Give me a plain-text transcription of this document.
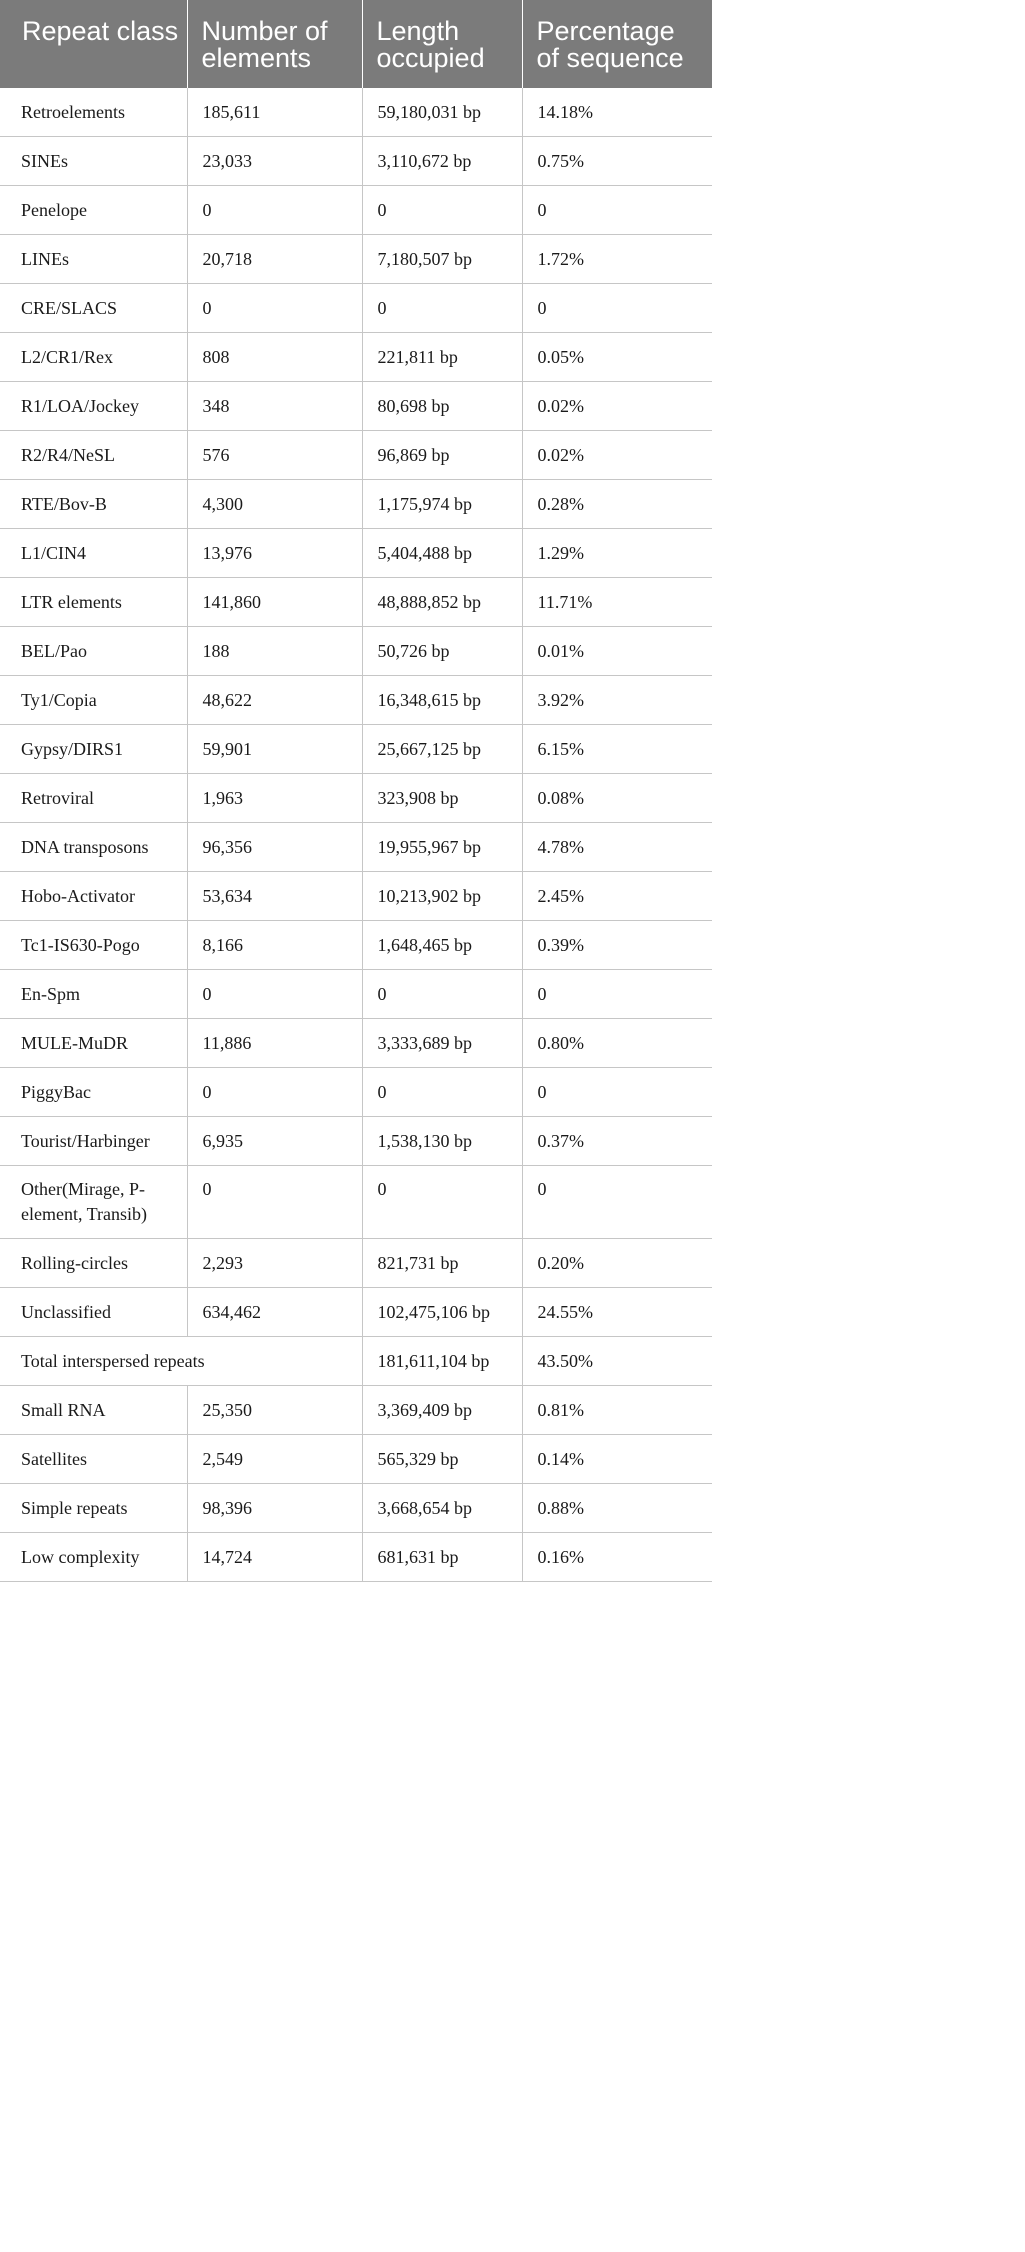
Repeat class	Number of elements	Length occupied	Percentage of sequence
Retroelements	185,611	59,180,031 bp	14.18%
SINEs	23,033	3,110,672 bp	0.75%
Penelope	0	0	0
LINEs	20,718	7,180,507 bp	1.72%
CRE/SLACS	0	0	0
L2/CR1/Rex	808	221,811 bp	0.05%
R1/LOA/Jockey	348	80,698 bp	0.02%
R2/R4/NeSL	576	96,869 bp	0.02%
RTE/Bov-B	4,300	1,175,974 bp	0.28%
L1/CIN4	13,976	5,404,488 bp	1.29%
LTR elements	141,860	48,888,852 bp	11.71%
BEL/Pao	188	50,726 bp	0.01%
Ty1/Copia	48,622	16,348,615 bp	3.92%
Gypsy/DIRS1	59,901	25,667,125 bp	6.15%
Retroviral	1,963	323,908 bp	0.08%
DNA transposons	96,356	19,955,967 bp	4.78%
Hobo-Activator	53,634	10,213,902 bp	2.45%
Tc1-IS630-Pogo	8,166	1,648,465 bp	0.39%
En-Spm	0	0	0
MULE-MuDR	11,886	3,333,689 bp	0.80%
PiggyBac	0	0	0
Tourist/Harbinger	6,935	1,538,130 bp	0.37%
Other(Mirage, P-element, Transib)	0	0	0
Rolling-circles	2,293	821,731 bp	0.20%
Unclassified	634,462	102,475,106 bp	24.55%
Total interspersed repeats		181,611,104 bp	43.50%
Small RNA	25,350	3,369,409 bp	0.81%
Satellites	2,549	565,329 bp	0.14%
Simple repeats	98,396	3,668,654 bp	0.88%
Low complexity	14,724	681,631 bp	0.16%
